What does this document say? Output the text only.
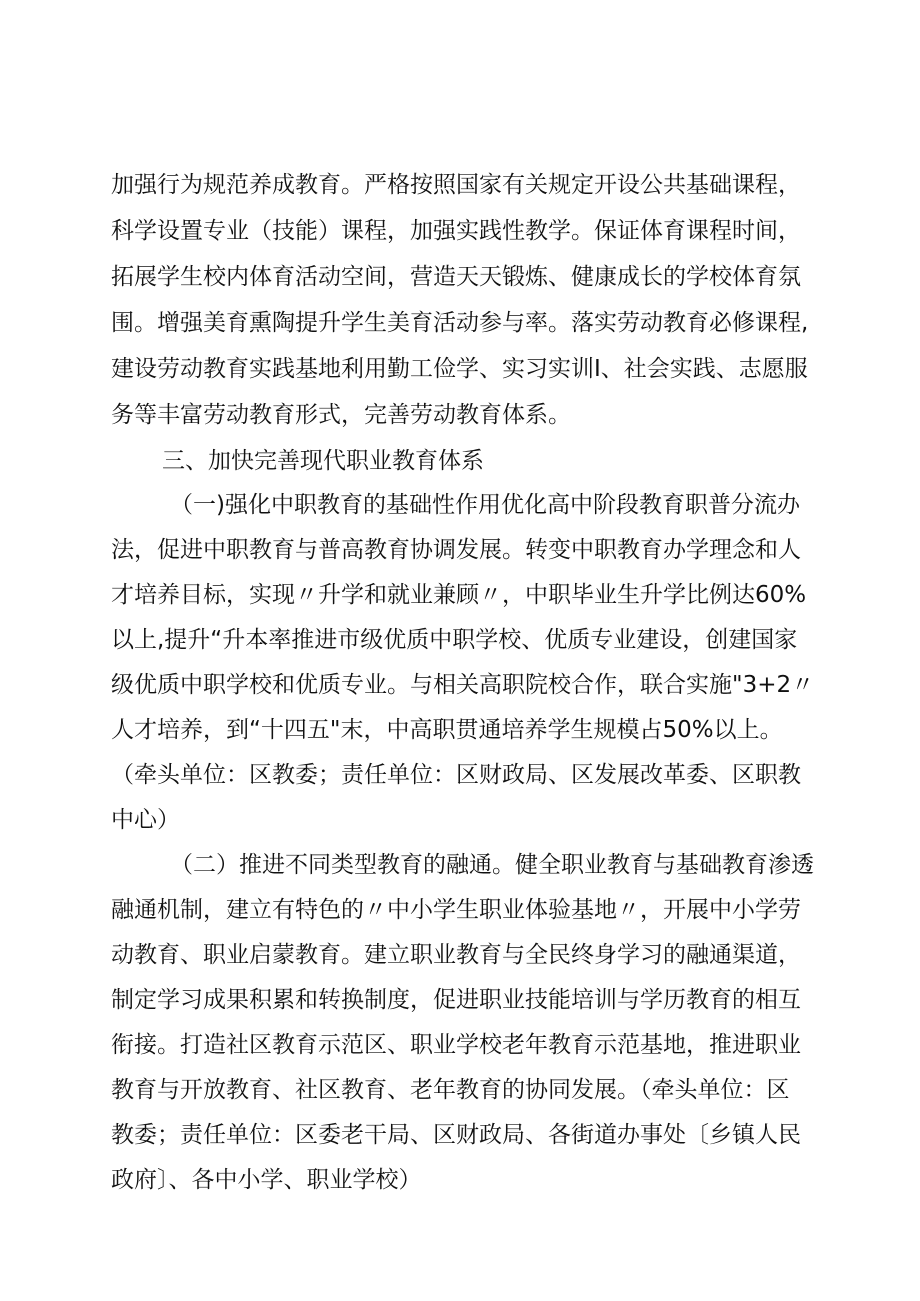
加强行为规范养成教育。严格按照国家有关规定开设公共基础课程，
科学设置专业（技能）课程，加强实践性教学。保证体育课程时间，
拓展学生校内体育活动空间，营造天天锻炼、健康成长的学校体育氛
围。增强美育熏陶提升学生美育活动参与率。落实劳动教育必修课程,
建设劳动教育实践基地利用勤工俭学、实习实训I、社会实践、志愿服
务等丰富劳动教育形式，完善劳动教育体系。
三、加快完善现代职业教育体系
（一)强化中职教育的基础性作用优化高中阶段教育职普分流办
法，促进中职教育与普高教育协调发展。转变中职教育办学理念和人
才培养目标，实现〃升学和就业兼顾〃，中职毕业生升学比例达60%
以上,提升“升本率推进市级优质中职学校、优质专业建设，创建国家
级优质中职学校和优质专业。与相关高职院校合作，联合实施"3+2〃
人才培养，到“十四五"末，中高职贯通培养学生规模占50%以上。
（牵头单位：区教委；责任单位：区财政局、区发展改革委、区职教
中心）
（二）推进不同类型教育的融通。健全职业教育与基础教育渗透
融通机制，建立有特色的〃中小学生职业体验基地〃，开展中小学劳
动教育、职业启蒙教育。建立职业教育与全民终身学习的融通渠道，
制定学习成果积累和转换制度，促进职业技能培训与学历教育的相互
衔接。打造社区教育示范区、职业学校老年教育示范基地，推进职业
教育与开放教育、社区教育、老年教育的协同发展。（牵头单位：区
教委；责任单位：区委老干局、区财政局、各街道办事处〔乡镇人民
政府〕、各中小学、职业学校）
